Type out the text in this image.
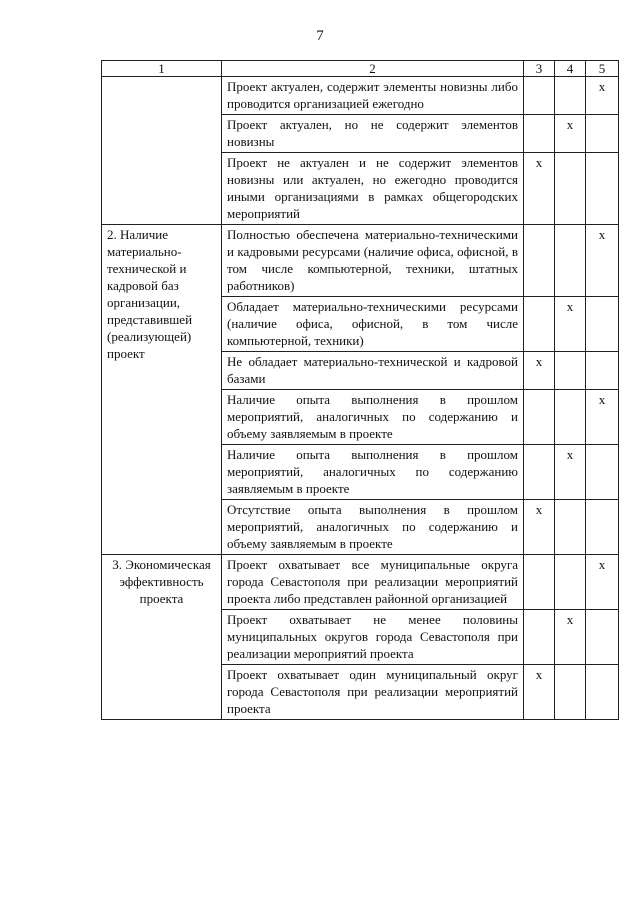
7
1	2	3	4	5
	Проект актуален, содержит элементы новизны либо проводится организацией ежегодно			х
	Проект актуален, но не содержит элементов новизны		х	
	Проект не актуален и не содержит элементов новизны или актуален, но ежегодно проводится иными организациями в рамках общегородских мероприятий	х		
2. Наличие материально-технической и кадровой баз организации, представившей (реализующей) проект	Полностью обеспечена материально-техническими и кадровыми ресурсами (наличие офиса, офисной, в том числе компьютерной, техники, штатных работников)			х
	Обладает материально-техническими ресурсами (наличие офиса, офисной, в том числе компьютерной, техники)		х	
	Не обладает материально-технической и кадровой базами	х		
	Наличие опыта выполнения в прошлом мероприятий, аналогичных по содержанию и объему заявляемым в проекте			х
	Наличие опыта выполнения в прошлом мероприятий, аналогичных по содержанию заявляемым в проекте		х	
	Отсутствие опыта выполнения в прошлом мероприятий, аналогичных по содержанию и объему заявляемым в проекте	х		
3. Экономическая эффективность проекта	Проект охватывает все муниципальные округа города Севастополя при реализации мероприятий проекта либо представлен районной организацией			х
	Проект охватывает не менее половины муниципальных округов города Севастополя при реализации мероприятий проекта		х	
	Проект охватывает один муниципальный округ города Севастополя при реализации мероприятий проекта	х		
